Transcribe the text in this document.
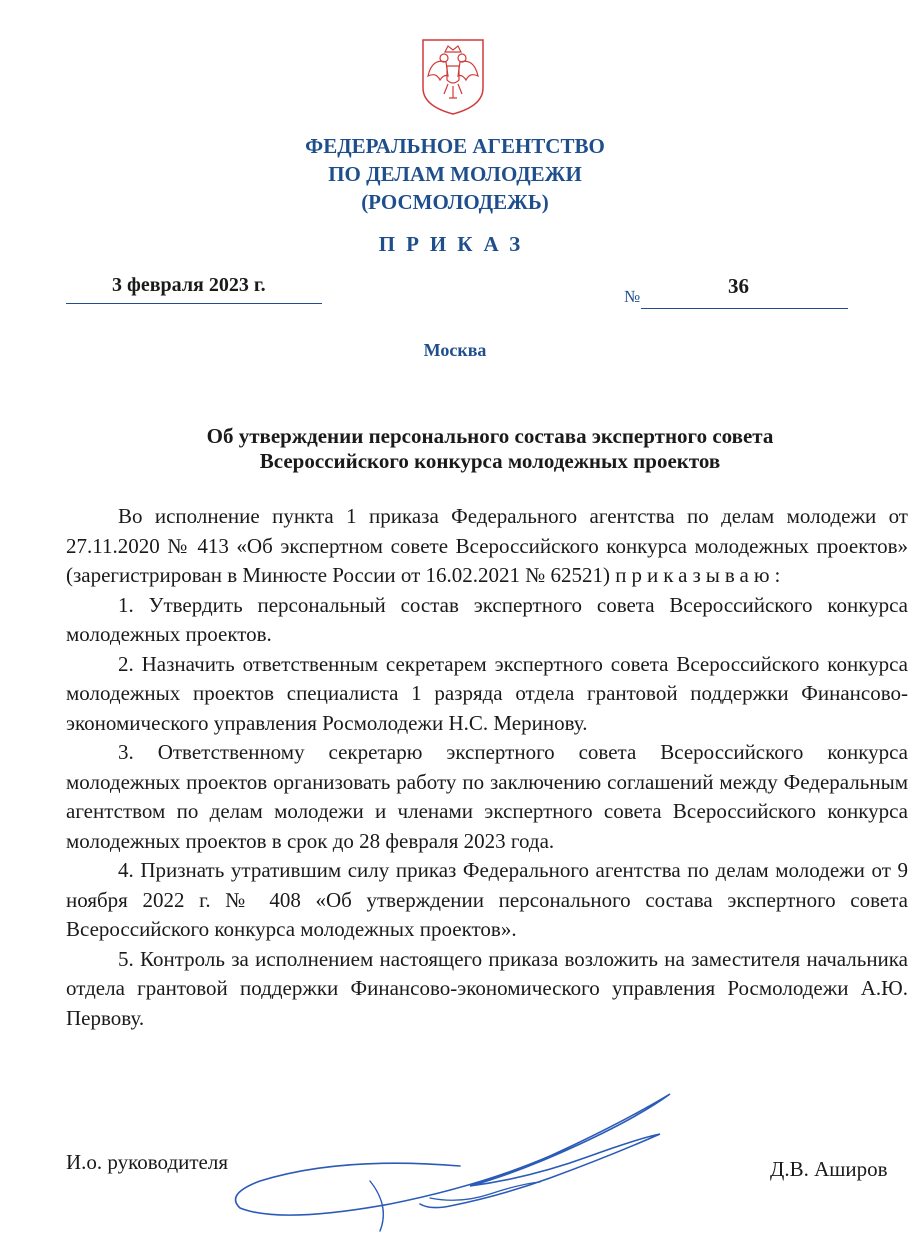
ФЕДЕРАЛЬНОЕ АГЕНТСТВО
ПО ДЕЛАМ МОЛОДЕЖИ
(РОСМОЛОДЕЖЬ)
ПРИКАЗ
3 февраля 2023 г.
№	36
Москва
Об утверждении персонального состава экспертного совета
Всероссийского конкурса молодежных проектов

Во исполнение пункта 1 приказа Федерального агентства по делам молодежи от 27.11.2020 № 413 «Об экспертном совете Всероссийского конкурса молодежных проектов» (зарегистрирован в Минюсте России от 16.02.2021 № 62521) приказываю:

1. Утвердить персональный состав экспертного совета Всероссийского конкурса молодежных проектов.

2. Назначить ответственным секретарем экспертного совета Всероссийского конкурса молодежных проектов специалиста 1 разряда отдела грантовой поддержки Финансово-экономического управления Росмолодежи Н.С. Меринову.

3. Ответственному секретарю экспертного совета Всероссийского конкурса молодежных проектов организовать работу по заключению соглашений между Федеральным агентством по делам молодежи и членами экспертного совета Всероссийского конкурса молодежных проектов в срок до 28 февраля 2023 года.

4. Признать утратившим силу приказ Федерального агентства по делам молодежи от 9 ноября 2022 г. № 408 «Об утверждении персонального состава экспертного совета Всероссийского конкурса молодежных проектов».

5. Контроль за исполнением настоящего приказа возложить на заместителя начальника отдела грантовой поддержки Финансово-экономического управления Росмолодежи А.Ю. Первову.

И.о. руководителя	Д.В. Аширов
